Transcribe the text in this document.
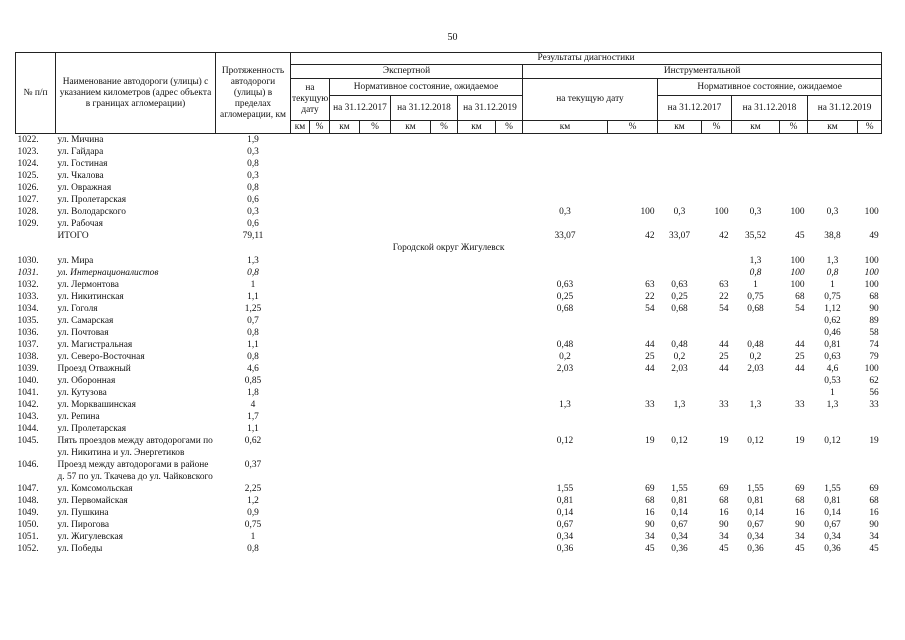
50
№ п/п	Наименование автодороги (улицы) с указанием километров (адрес объекта в границах агломерации)	Протяженность автодороги (улицы) в пределах агломерации, км	Результаты диагностики															
			Экспертной								Инструментальной							
			на текущую дату		Нормативное состояние, ожидаемое						на текущую дату		Нормативное состояние, ожидаемое					
					на 31.12.2017		на 31.12.2018		на 31.12.2019				на 31.12.2017		на 31.12.2018		на 31.12.2019	
			км	%	км	%	км	%	км	%	км	%	км	%	км	%	км	%
1022.	ул. Мичина	1,9																
1023.	ул. Гайдара	0,3																
1024.	ул. Гостиная	0,8																
1025.	ул. Чкалова	0,3																
1026.	ул. Овражная	0,8																
1027.	ул. Пролетарская	0,6																
1028.	ул. Володарского	0,3									0,3	100	0,3	100	0,3	100	0,3	100
1029.	ул. Рабочая	0,6																
	ИТОГО	79,11									33,07	42	33,07	42	35,52	45	38,8	49
Городской округ Жигулевск																		
1030.	ул. Мира	1,3													1,3	100	1,3	100
1031.	ул. Интернационалистов	0,8													0,8	100	0,8	100
1032.	ул. Лермонтова	1									0,63	63	0,63	63	1	100	1	100
1033.	ул. Никитинская	1,1									0,25	22	0,25	22	0,75	68	0,75	68
1034.	ул. Гоголя	1,25									0,68	54	0,68	54	0,68	54	1,12	90
1035.	ул. Самарская	0,7															0,62	89
1036.	ул. Почтовая	0,8															0,46	58
1037.	ул. Магистральная	1,1									0,48	44	0,48	44	0,48	44	0,81	74
1038.	ул. Северо-Восточная	0,8									0,2	25	0,2	25	0,2	25	0,63	79
1039.	Проезд Отважный	4,6									2,03	44	2,03	44	2,03	44	4,6	100
1040.	ул. Оборонная	0,85															0,53	62
1041.	ул. Кутузова	1,8															1	56
1042.	ул. Морквашинская	4									1,3	33	1,3	33	1,3	33	1,3	33
1043.	ул. Репина	1,7																
1044.	ул. Пролетарская	1,1																
1045.	Пять проездов между автодорогами по ул. Никитина и ул. Энергетиков	0,62									0,12	19	0,12	19	0,12	19	0,12	19
1046.	Проезд между автодорогами в районе д. 57 по ул. Ткачева до ул. Чайковского	0,37																
1047.	ул. Комсомольская	2,25									1,55	69	1,55	69	1,55	69	1,55	69
1048.	ул. Первомайская	1,2									0,81	68	0,81	68	0,81	68	0,81	68
1049.	ул. Пушкина	0,9									0,14	16	0,14	16	0,14	16	0,14	16
1050.	ул. Пирогова	0,75									0,67	90	0,67	90	0,67	90	0,67	90
1051.	ул. Жигулевская	1									0,34	34	0,34	34	0,34	34	0,34	34
1052.	ул. Победы	0,8									0,36	45	0,36	45	0,36	45	0,36	45
